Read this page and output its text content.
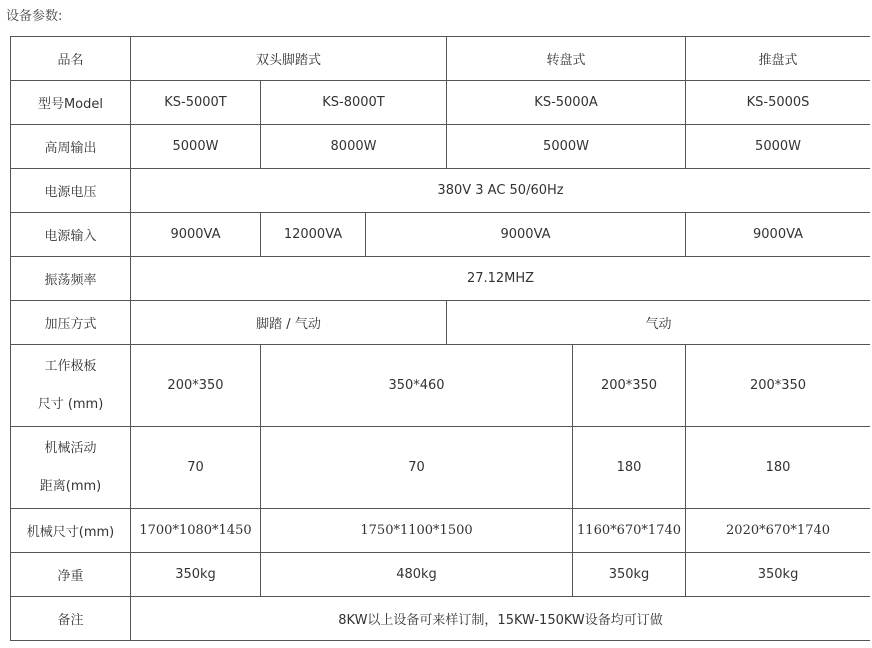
设备参数:
品名	双头脚踏式			转盘式		推盘式	
型号Model	KS-5000T	KS-8000T		KS-5000A		KS-5000S	
高周输出	5000W	8000W		5000W		5000W	
电源电压	380V 3 AC 50/60Hz						
电源输入	9000VA	12000VA	9000VA			9000VA	
振荡频率	27.12MHZ						
加压方式	脚踏 / 气动			气动			

工作极板
尺寸 (mm)	200*350	350*460			200*350	200*350	

机械活动
距离(mm)	70	70			180	180	
机械尺寸(mm)	1700*1080*1450	1750*1100*1500			1160*670*1740	2020*670*1740	
净重	350kg	480kg			350kg	350kg	
备注	8KW以上设备可来样订制，15KW-150KW设备均可订做						
